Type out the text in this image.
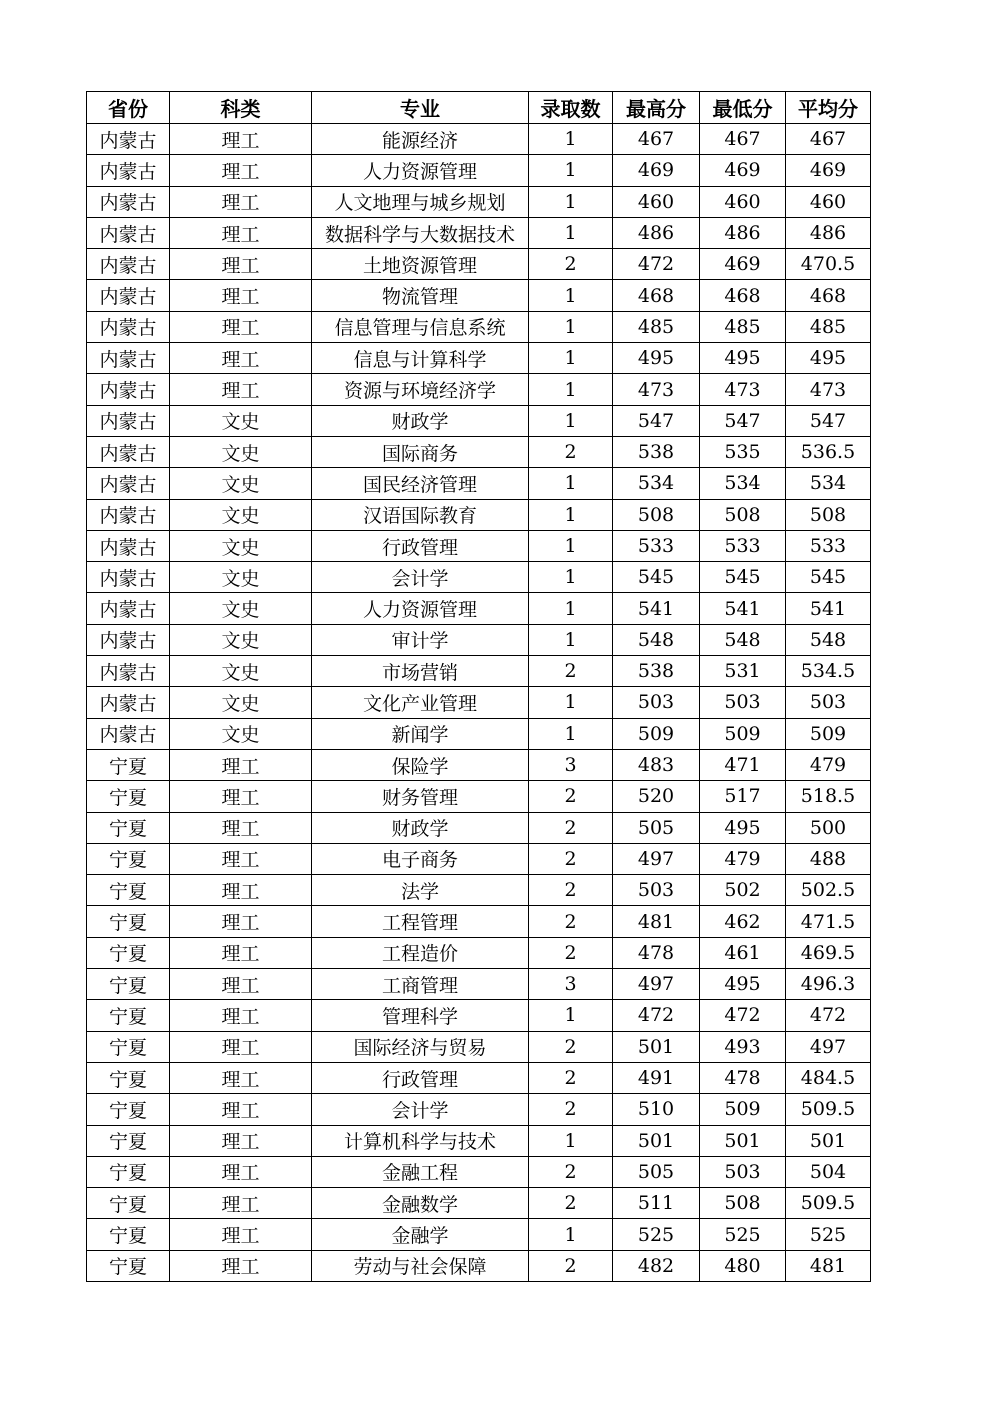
省份	科类	专业	录取数	最高分	最低分	平均分
内蒙古	理工	能源经济	1	467	467	467
内蒙古	理工	人力资源管理	1	469	469	469
内蒙古	理工	人文地理与城乡规划	1	460	460	460
内蒙古	理工	数据科学与大数据技术	1	486	486	486
内蒙古	理工	土地资源管理	2	472	469	470.5
内蒙古	理工	物流管理	1	468	468	468
内蒙古	理工	信息管理与信息系统	1	485	485	485
内蒙古	理工	信息与计算科学	1	495	495	495
内蒙古	理工	资源与环境经济学	1	473	473	473
内蒙古	文史	财政学	1	547	547	547
内蒙古	文史	国际商务	2	538	535	536.5
内蒙古	文史	国民经济管理	1	534	534	534
内蒙古	文史	汉语国际教育	1	508	508	508
内蒙古	文史	行政管理	1	533	533	533
内蒙古	文史	会计学	1	545	545	545
内蒙古	文史	人力资源管理	1	541	541	541
内蒙古	文史	审计学	1	548	548	548
内蒙古	文史	市场营销	2	538	531	534.5
内蒙古	文史	文化产业管理	1	503	503	503
内蒙古	文史	新闻学	1	509	509	509
宁夏	理工	保险学	3	483	471	479
宁夏	理工	财务管理	2	520	517	518.5
宁夏	理工	财政学	2	505	495	500
宁夏	理工	电子商务	2	497	479	488
宁夏	理工	法学	2	503	502	502.5
宁夏	理工	工程管理	2	481	462	471.5
宁夏	理工	工程造价	2	478	461	469.5
宁夏	理工	工商管理	3	497	495	496.3
宁夏	理工	管理科学	1	472	472	472
宁夏	理工	国际经济与贸易	2	501	493	497
宁夏	理工	行政管理	2	491	478	484.5
宁夏	理工	会计学	2	510	509	509.5
宁夏	理工	计算机科学与技术	1	501	501	501
宁夏	理工	金融工程	2	505	503	504
宁夏	理工	金融数学	2	511	508	509.5
宁夏	理工	金融学	1	525	525	525
宁夏	理工	劳动与社会保障	2	482	480	481
